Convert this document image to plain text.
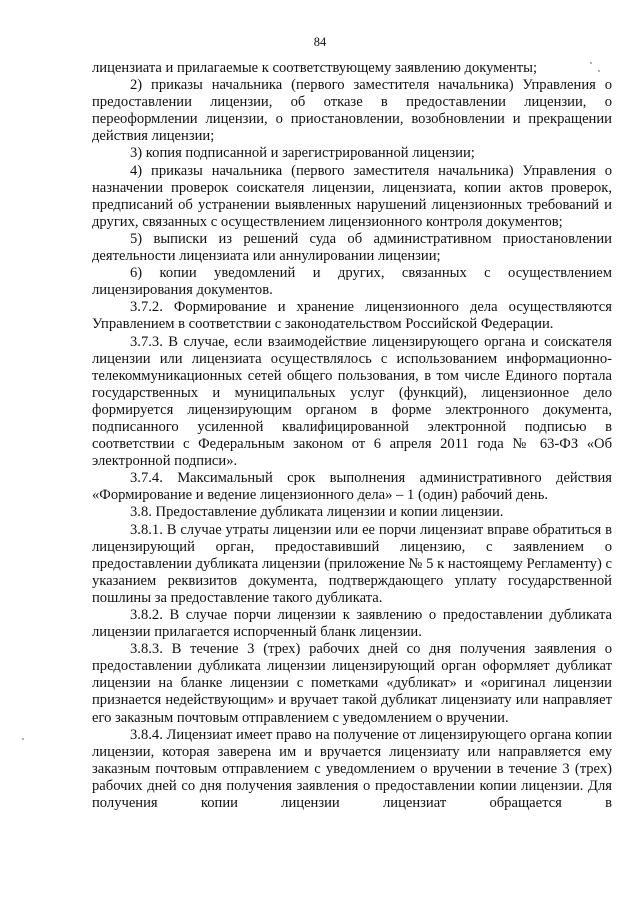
84

лицензиата и прилагаемые к соответствующему заявлению документы;

2) приказы начальника (первого заместителя начальника) Управления о предоставлении лицензии, об отказе в предоставлении лицензии, о переоформлении лицензии, о приостановлении, возобновлении и прекращении действия лицензии;

3) копия подписанной и зарегистрированной лицензии;

4) приказы начальника (первого заместителя начальника) Управления о назначении проверок соискателя лицензии, лицензиата, копии актов проверок, предписаний об устранении выявленных нарушений лицензионных требований и других, связанных с осуществлением лицензионного контроля документов;

5) выписки из решений суда об административном приостановлении деятельности лицензиата или аннулировании лицензии;

6) копии уведомлений и других, связанных с осуществлением лицензирования документов.

3.7.2. Формирование и хранение лицензионного дела осуществляются Управлением в соответствии с законодательством Российской Федерации.

3.7.3. В случае, если взаимодействие лицензирующего органа и соискателя лицензии или лицензиата осуществлялось с использованием информационно-телекоммуникационных сетей общего пользования, в том числе Единого портала государственных и муниципальных услуг (функций), лицензионное дело формируется лицензирующим органом в форме электронного документа, подписанного усиленной квалифицированной электронной подписью в соответствии с Федеральным законом от 6 апреля 2011 года № 63-ФЗ «Об электронной подписи».

3.7.4. Максимальный срок выполнения административного действия «Формирование и ведение лицензионного дела» – 1 (один) рабочий день.

3.8. Предоставление дубликата лицензии и копии лицензии.

3.8.1. В случае утраты лицензии или ее порчи лицензиат вправе обратиться в лицензирующий орган, предоставивший лицензию, с заявлением о предоставлении дубликата лицензии (приложение № 5 к настоящему Регламенту) с указанием реквизитов документа, подтверждающего уплату государственной пошлины за предоставление такого дубликата.

3.8.2. В случае порчи лицензии к заявлению о предоставлении дубликата лицензии прилагается испорченный бланк лицензии.

3.8.3. В течение 3 (трех) рабочих дней со дня получения заявления о предоставлении дубликата лицензии лицензирующий орган оформляет дубликат лицензии на бланке лицензии с пометками «дубликат» и «оригинал лицензии признается недействующим» и вручает такой дубликат лицензиату или направляет его заказным почтовым отправлением с уведомлением о вручении.

3.8.4. Лицензиат имеет право на получение от лицензирующего органа копии лицензии, которая заверена им и вручается лицензиату или направляется ему заказным почтовым отправлением с уведомлением о вручении в течение 3 (трех) рабочих дней со дня получения заявления о предоставлении копии лицензии. Для получения копии лицензии лицензиат обращается в
